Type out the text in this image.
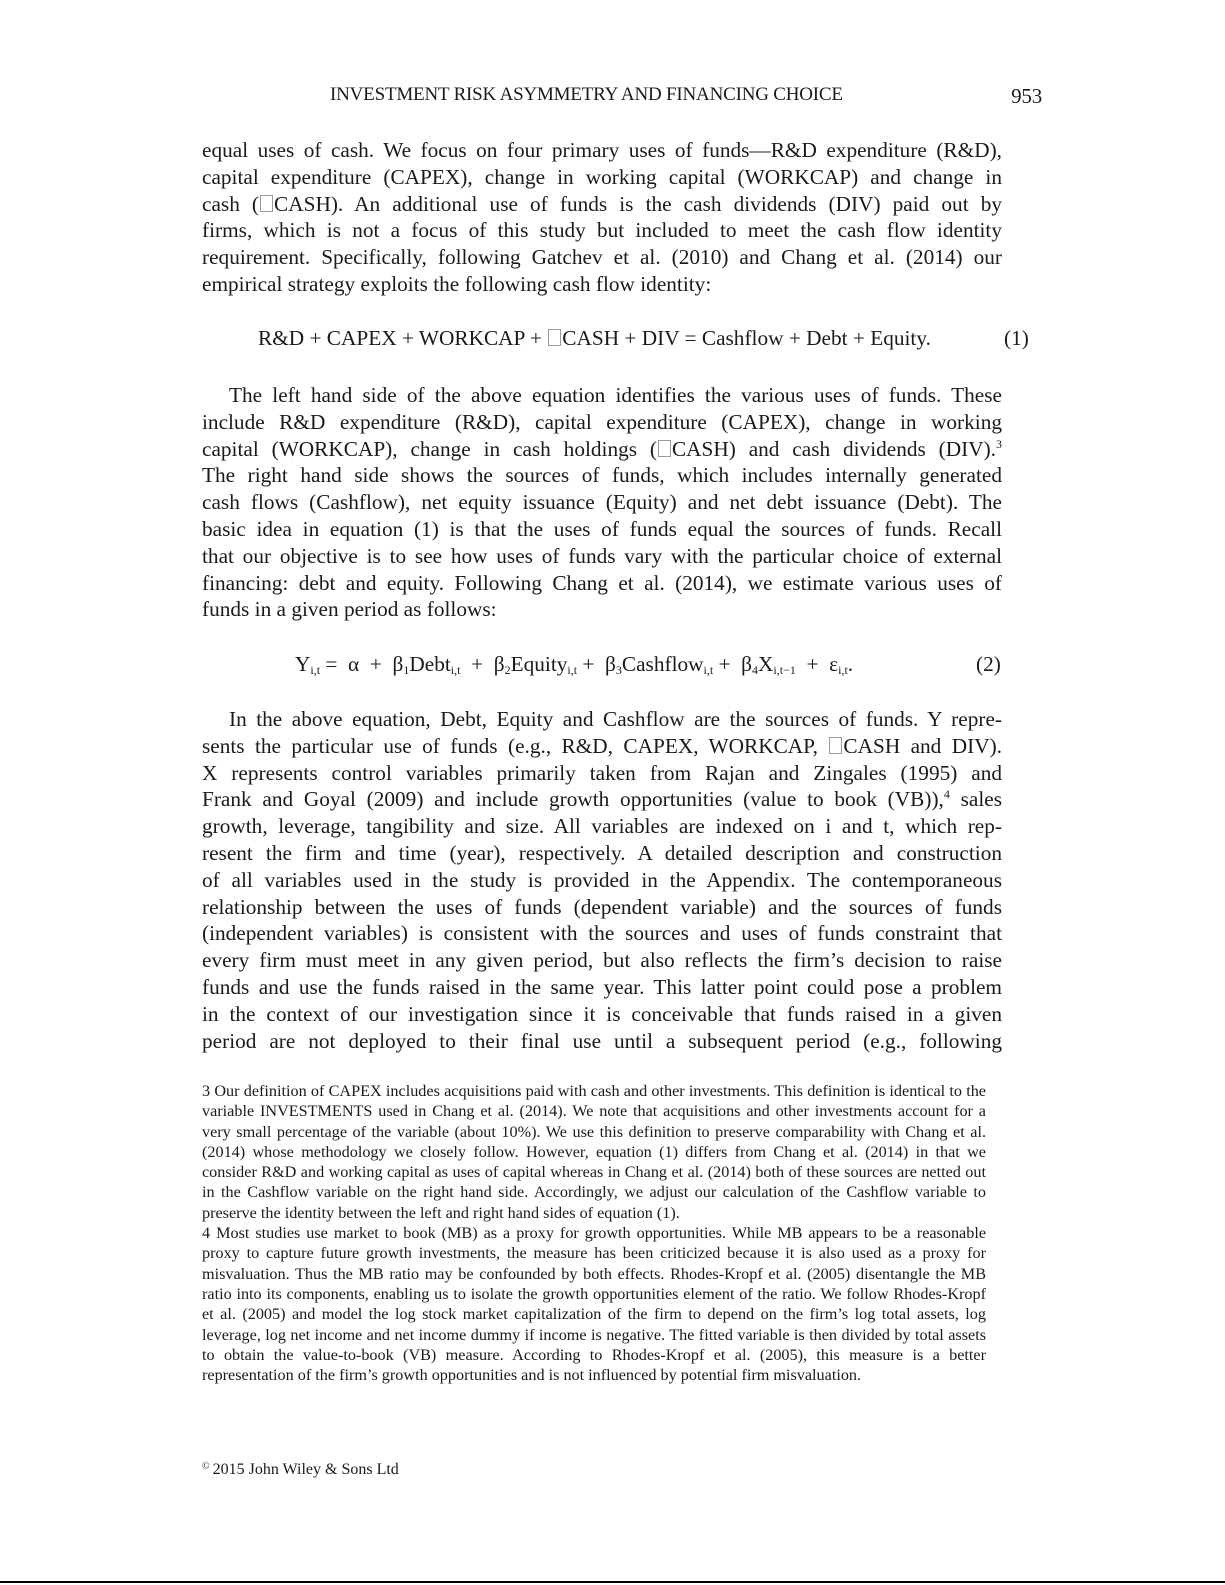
INVESTMENT RISK ASYMMETRY AND FINANCING CHOICE	953
equal uses of cash. We focus on four primary uses of funds—R&D expenditure (R&D),
capital expenditure (CAPEX), change in working capital (WORKCAP) and change in
cash ( CASH). An additional use of funds is the cash dividends (DIV) paid out by
firms, which is not a focus of this study but included to meet the cash flow identity
requirement. Specifically, following Gatchev et al. (2010) and Chang et al. (2014) our
empirical strategy exploits the following cash flow identity:
R&D + CAPEX + WORKCAP + CASH + DIV = Cashflow + Debt + Equity.	(1)
The left hand side of the above equation identifies the various uses of funds. These
include R&D expenditure (R&D), capital expenditure (CAPEX), change in working
capital (WORKCAP), change in cash holdings ( CASH) and cash dividends (DIV).$^3$
The right hand side shows the sources of funds, which includes internally generated
cash flows (Cashflow), net equity issuance (Equity) and net debt issuance (Debt). The
basic idea in equation (1) is that the uses of funds equal the sources of funds. Recall
that our objective is to see how uses of funds vary with the particular choice of external
financing: debt and equity. Following Chang et al. (2014), we estimate various uses of
funds in a given period as follows:
$Y_{i,t} = \alpha$  +  $\beta_1Debt_{i,t}$  +  $\beta_2Equity_{i,t}$ +  $\beta_3Cashflow_{i,t} + \beta_4X_{i,t-1} + \varepsilon_{i,t}$.	(2)
In the above equation, Debt, Equity and Cashflow are the sources of funds. Y repre-
sents the particular use of funds (e.g., R&D, CAPEX, WORKCAP, CASH and DIV).
X represents control variables primarily taken from Rajan and Zingales (1995) and
Frank and Goyal (2009) and include growth opportunities (value to book (VB)),$^4$ sales
growth, leverage, tangibility and size. All variables are indexed on i and t, which rep-
resent the firm and time (year), respectively. A detailed description and construction
of all variables used in the study is provided in the Appendix. The contemporaneous
relationship between the uses of funds (dependent variable) and the sources of funds
(independent variables) is consistent with the sources and uses of funds constraint that
every firm must meet in any given period, but also reflects the firm’s decision to raise
funds and use the funds raised in the same year. This latter point could pose a problem
in the context of our investigation since it is conceivable that funds raised in a given
period are not deployed to their final use until a subsequent period (e.g., following

3 Our definition of CAPEX includes acquisitions paid with cash and other investments. This definition is identical to the variable INVESTMENTS used in Chang et al. (2014). We note that acquisitions and other investments account for a very small percentage of the variable (about 10%). We use this definition to preserve comparability with Chang et al. (2014) whose methodology we closely follow. However, equation (1) differs from Chang et al. (2014) in that we consider R&D and working capital as uses of capital whereas in Chang et al. (2014) both of these sources are netted out in the Cashflow variable on the right hand side. Accordingly, we adjust our calculation of the Cashflow variable to preserve the identity between the left and right hand sides of equation (1).

4 Most studies use market to book (MB) as a proxy for growth opportunities. While MB appears to be a reasonable proxy to capture future growth investments, the measure has been criticized because it is also used as a proxy for misvaluation. Thus the MB ratio may be confounded by both effects. Rhodes-Kropf et al. (2005) disentangle the MB ratio into its components, enabling us to isolate the growth opportunities element of the ratio. We follow Rhodes-Kropf et al. (2005) and model the log stock market capitalization of the firm to depend on the firm’s log total assets, log leverage, log net income and net income dummy if income is negative. The fitted variable is then divided by total assets to obtain the value-to-book (VB) measure. According to Rhodes-Kropf et al. (2005), this measure is a better representation of the firm’s growth opportunities and is not influenced by potential firm misvaluation.

© 2015 John Wiley & Sons Ltd
